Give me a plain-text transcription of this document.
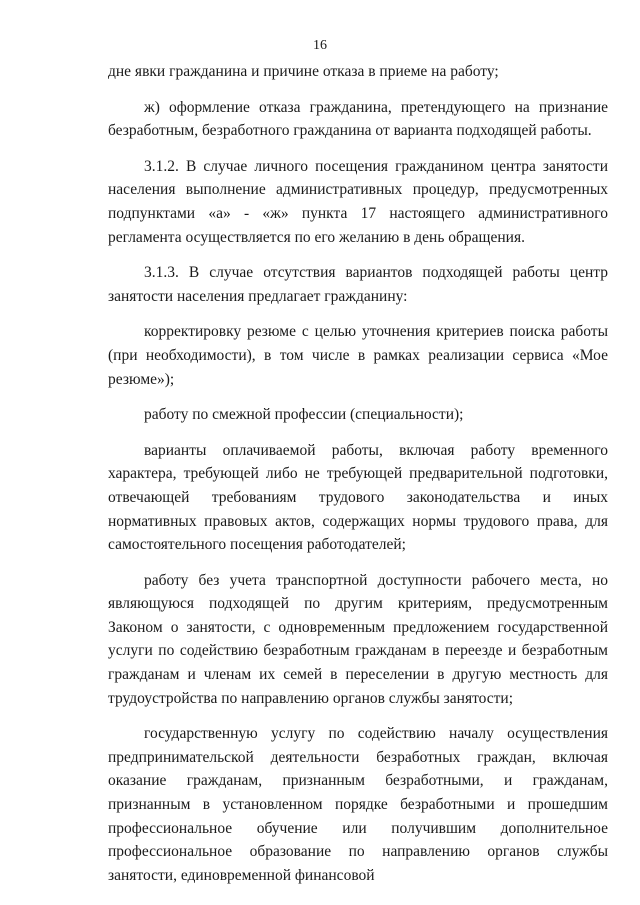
16

дне явки гражданина и причине отказа в приеме на работу;

ж) оформление отказа гражданина, претендующего на признание безработным, безработного гражданина от варианта подходящей работы.

3.1.2. В случае личного посещения гражданином центра занятости населения выполнение административных процедур, предусмотренных подпунктами «а» - «ж» пункта 17 настоящего административного регламента осуществляется по его желанию в день обращения.

3.1.3. В случае отсутствия вариантов подходящей работы центр занятости населения предлагает гражданину:

корректировку резюме с целью уточнения критериев поиска работы (при необходимости), в том числе в рамках реализации сервиса «Мое резюме»);

работу по смежной профессии (специальности);

варианты оплачиваемой работы, включая работу временного характера, требующей либо не требующей предварительной подготовки, отвечающей требованиям трудового законодательства и иных нормативных правовых актов, содержащих нормы трудового права, для самостоятельного посещения работодателей;

работу без учета транспортной доступности рабочего места, но являющуюся подходящей по другим критериям, предусмотренным Законом о занятости, с одновременным предложением государственной услуги по содействию безработным гражданам в переезде и безработным гражданам и членам их семей в переселении в другую местность для трудоустройства по направлению органов службы занятости;

государственную услугу по содействию началу осуществления предпринимательской деятельности безработных граждан, включая оказание гражданам, признанным безработными, и гражданам, признанным в установленном порядке безработными и прошедшим профессиональное обучение или получившим дополнительное профессиональное образование по направлению органов службы занятости, единовременной финансовой
